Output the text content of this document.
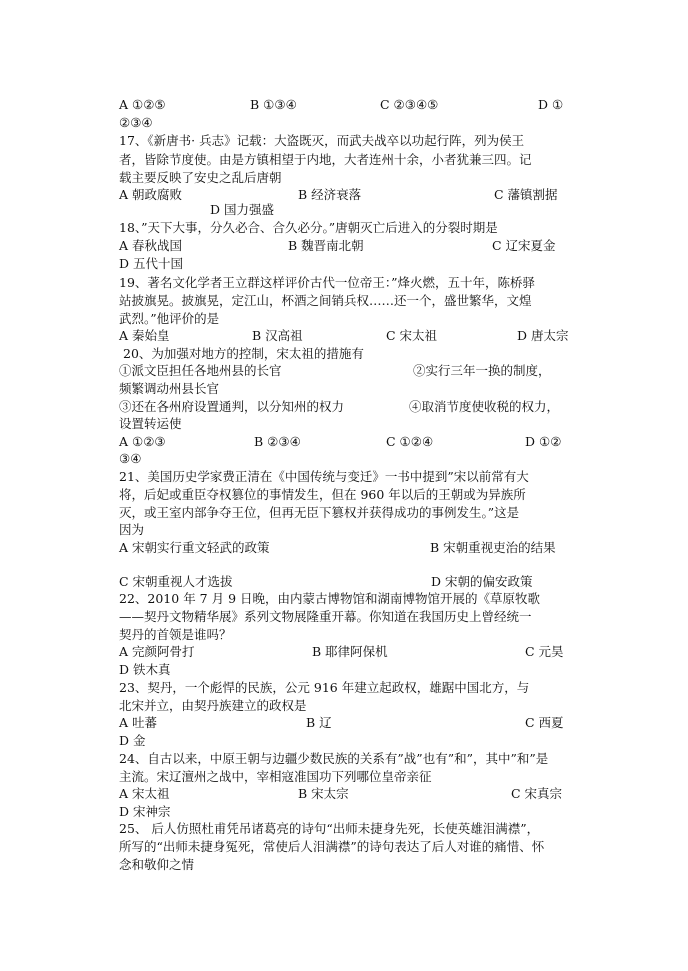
A ①②⑤	B ①③④	C ②③④⑤	D ①
②③④
17、《新唐书· 兵志》记载：大盗既灭，而武夫战卒以功起行阵，列为侯王
者，皆除节度使。由是方镇相望于内地，大者连州十余，小者犹兼三四。记
载主要反映了安史之乱后唐朝
A 朝政腐败	B 经济衰落	C 藩镇割据
D 国力强盛
18、”天下大事，分久必合、合久必分。”唐朝灭亡后进入的分裂时期是
A 春秋战国	B 魏晋南北朝	C 辽宋夏金
D 五代十国
19、著名文化学者王立群这样评价古代一位帝王：”烽火燃，五十年，陈桥驿
站披旗晃。披旗晃，定江山，杯酒之间销兵权……还一个，盛世繁华，文煌
武烈。”他评价的是
A 秦始皇	B 汉高祖	C 宋太祖	D 唐太宗
20、为加强对地方的控制，宋太祖的措施有
①派文臣担任各地州县的长官	②实行三年一换的制度，
频繁调动州县长官
③还在各州府设置通判，以分知州的权力	④取消节度使收税的权力，
设置转运使
A ①②③	B ②③④	C ①②④	D ①②
③④
21、美国历史学家费正清在《中国传统与变迁》一书中提到”宋以前常有大
将，后妃或重臣夺权篡位的事情发生，但在 960 年以后的王朝或为异族所
灭，或王室内部争夺王位，但再无臣下篡权并获得成功的事例发生。”这是
因为
A 宋朝实行重文轻武的政策	B 宋朝重视吏治的结果
C 宋朝重视人才选拔	D 宋朝的偏安政策
22、2010 年 7 月 9 日晚，由内蒙古博物馆和湖南博物馆开展的《草原牧歌
——契丹文物精华展》系列文物展隆重开幕。你知道在我国历史上曾经统一
契丹的首领是谁吗？
A 完颜阿骨打	B 耶律阿保机	C 元昊
D 铁木真
23、契丹，一个彪悍的民族，公元 916 年建立起政权，雄踞中国北方，与
北宋并立，由契丹族建立的政权是
A 吐蕃	B 辽	C 西夏
D 金
24、自古以来，中原王朝与边疆少数民族的关系有”战”也有”和”，其中”和”是
主流。宋辽澶州之战中，宰相寇准国功下列哪位皇帝亲征
A 宋太祖	B 宋太宗	C 宋真宗
D 宋神宗
25、 后人仿照杜甫凭吊诸葛亮的诗句“出师未捷身先死，长使英雄泪满襟”，
所写的“出师未捷身冤死，常使后人泪满襟”的诗句表达了后人对谁的痛惜、怀
念和敬仰之情
